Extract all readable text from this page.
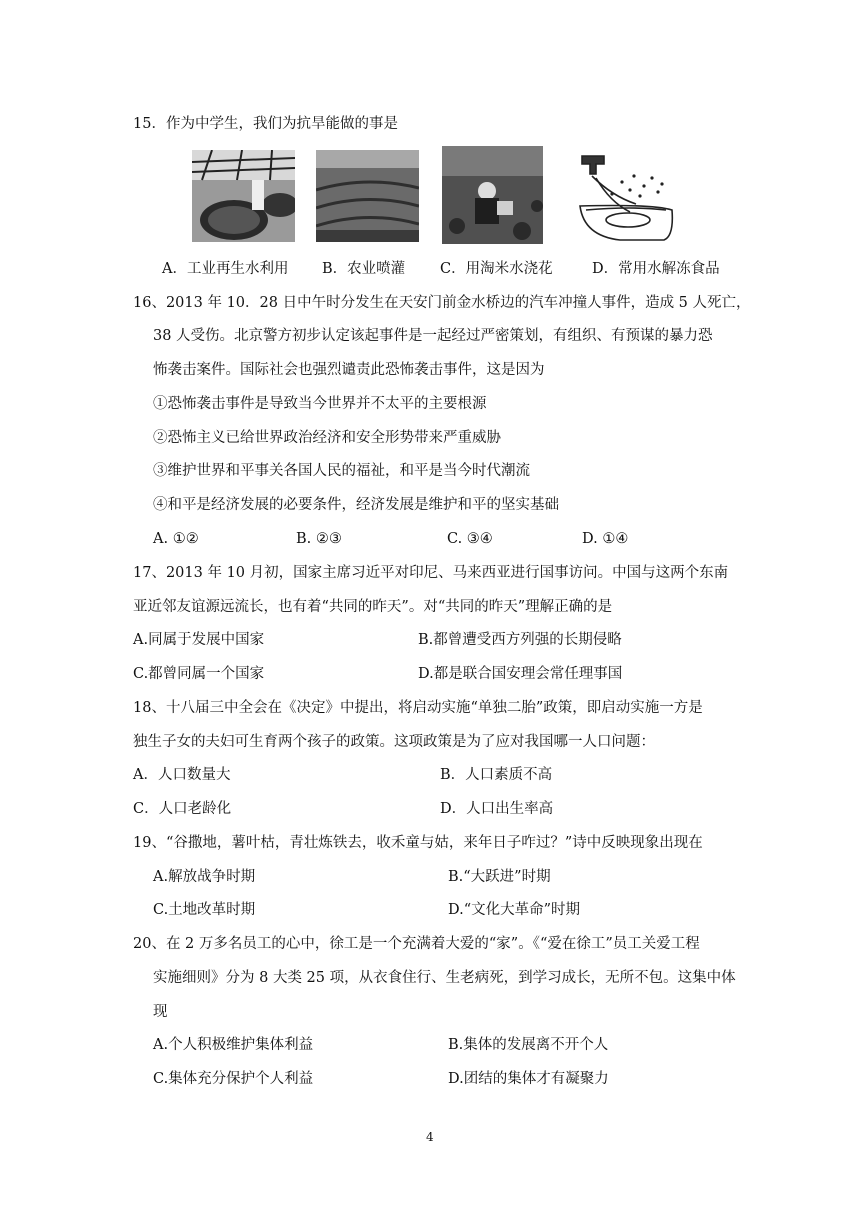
15．作为中学生，我们为抗旱能做的事是
A．工业再生水利用 B．农业喷灌 C．用淘米水浇花	D．常用水解冻食品
16、2013 年 10．28 日中午时分发生在天安门前金水桥边的汽车冲撞人事件，造成 5 人死亡，
38 人受伤。北京警方初步认定该起事件是一起经过严密策划，有组织、有预谋的暴力恐
怖袭击案件。国际社会也强烈谴责此恐怖袭击事件，这是因为
①恐怖袭击事件是导致当今世界并不太平的主要根源
②恐怖主义已给世界政治经济和安全形势带来严重威胁
③维护世界和平事关各国人民的福祉，和平是当今时代潮流
④和平是经济发展的必要条件，经济发展是维护和平的坚实基础
A. ①②	B. ②③	C. ③④	D. ①④
17、2013 年 10 月初，国家主席习近平对印尼、马来西亚进行国事访问。中国与这两个东南
亚近邻友谊源远流长，也有着“共同的昨天”。对“共同的昨天”理解正确的是
A.同属于发展中国家	B.都曾遭受西方列强的长期侵略
C.都曾同属一个国家	D.都是联合国安理会常任理事国
18、十八届三中全会在《决定》中提出，将启动实施“单独二胎”政策，即启动实施一方是
独生子女的夫妇可生育两个孩子的政策。这项政策是为了应对我国哪一人口问题：
A．人口数量大	B．人口素质不高
C．人口老龄化	D．人口出生率高
19、“谷撒地，薯叶枯，青壮炼铁去，收禾童与姑，来年日子咋过？”诗中反映现象出现在
A.解放战争时期	B.“大跃进”时期
C.土地改革时期	D.“文化大革命”时期
20、在 2 万多名员工的心中，徐工是一个充满着大爱的“家”。《“爱在徐工”员工关爱工程
实施细则》分为 8 大类 25 项，从衣食住行、生老病死，到学习成长，无所不包。这集中体
现
A.个人积极维护集体利益	B.集体的发展离不开个人
C.集体充分保护个人利益	D.团结的集体才有凝聚力
4
